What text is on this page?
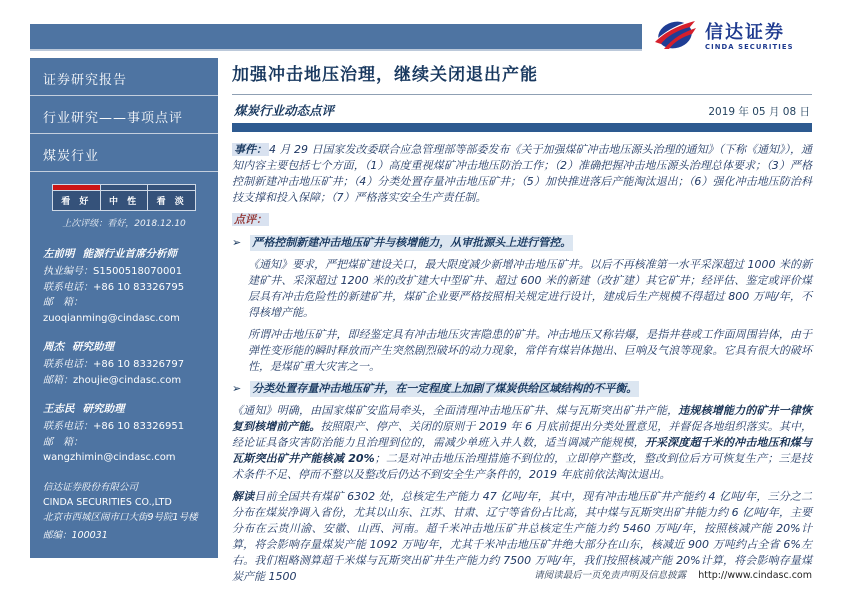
信达证券
CINDA SECURITIES
证券研究报告
行业研究——事项点评
煤炭行业
看 好	中 性	看 淡
上次评级：看好，2018.12.10
左前明 能源行业首席分析师
执业编号：S1500518070001
联系电话：+86 10 83326795
邮　箱：zuoqianming@cindasc.com
周杰 研究助理
联系电话：+86 10 83326797
邮箱：zhoujie@cindasc.com
王志民 研究助理
联系电话：+86 10 83326951
邮　箱：wangzhimin@cindasc.com
信达证券股份有限公司
CINDA SECURITIES CO.,LTD
北京市西城区闹市口大街9号院1号楼
邮编：100031
加强冲击地压治理，继续关闭退出产能
煤炭行业动态点评	2019 年 05 月 08 日

事件： 4 月 29 日国家发改委联合应急管理部等部委发布《关于加强煤矿冲击地压源头治理的通知》（下称《通知》），通知内容主要包括七个方面，（1）高度重视煤矿冲击地压防治工作；（2）准确把握冲击地压源头治理总体要求；（3）严格控制新建冲击地压矿井；（4）分类处置存量冲击地压矿井；（5）加快推进落后产能淘汰退出；（6）强化冲击地压防治科技支撑和投入保障；（7）严格落实安全生产责任制。

点评：
➢ 严格控制新建冲击地压矿井与核增能力，从审批源头上进行管控。

《通知》要求，严把煤矿建设关口，最大限度减少新增冲击地压矿井。以后不再核准第一水平采深超过 1000 米的新建矿井、采深超过 1200 米的改扩建大中型矿井、超过 600 米的新建（改扩建）其它矿井；经评估、鉴定或评价煤层具有冲击危险性的新建矿井，煤矿企业要严格按照相关规定进行设计，建成后生产规模不得超过 800 万吨/年，不得核增产能。

所谓冲击地压矿井，即经鉴定具有冲击地压灾害隐患的矿井。冲击地压又称岩爆，是指井巷或工作面周围岩体，由于弹性变形能的瞬时释放而产生突然剧烈破坏的动力现象，常伴有煤岩体抛出、巨响及气浪等现象。它具有很大的破坏性，是煤矿重大灾害之一。

➢ 分类处置存量冲击地压矿井，在一定程度上加剧了煤炭供给区域结构的不平衡。

《通知》明确，由国家煤矿安监局牵头，全面清理冲击地压矿井、煤与瓦斯突出矿井产能，违规核增能力的矿井一律恢复到核增前产能。按照限产、停产、关闭的原则于 2019 年 6 月底前提出分类处置意见，并督促各地组织落实。其中，经论证具备灾害防治能力且治理到位的，需减少单班入井人数，适当调减产能规模，开采深度超千米的冲击地压和煤与瓦斯突出矿井产能核减 20%；二是对冲击地压治理措施不到位的，立即停产整改，整改到位后方可恢复生产；三是技术条件不足、停而不整以及整改后仍达不到安全生产条件的，2019 年底前依法淘汰退出。

解读目前全国共有煤矿 6302 处，总核定生产能力 47 亿吨/年，其中，现有冲击地压矿井产能约 4 亿吨/年，三分之二分布在煤炭净调入省份，尤其以山东、江苏、甘肃、辽宁等省份占比高，其中煤与瓦斯突出矿井能力约 6 亿吨/年，主要分布在云贵川渝、安徽、山西、河南。超千米冲击地压矿井总核定生产能力约 5460 万吨/年，按照核减产能 20%计算，将会影响存量煤炭产能 1092 万吨/年，尤其千米冲击地压矿井绝大部分在山东，核减近 900 万吨约占全省 6%左右。我们粗略测算超千米煤与瓦斯突出矿井生产能力约 7500 万吨/年，我们按照核减产能 20%计算，将会影响存量煤炭产能 1500	请阅读最后一页免责声明及信息披露 http://www.cindasc.com
